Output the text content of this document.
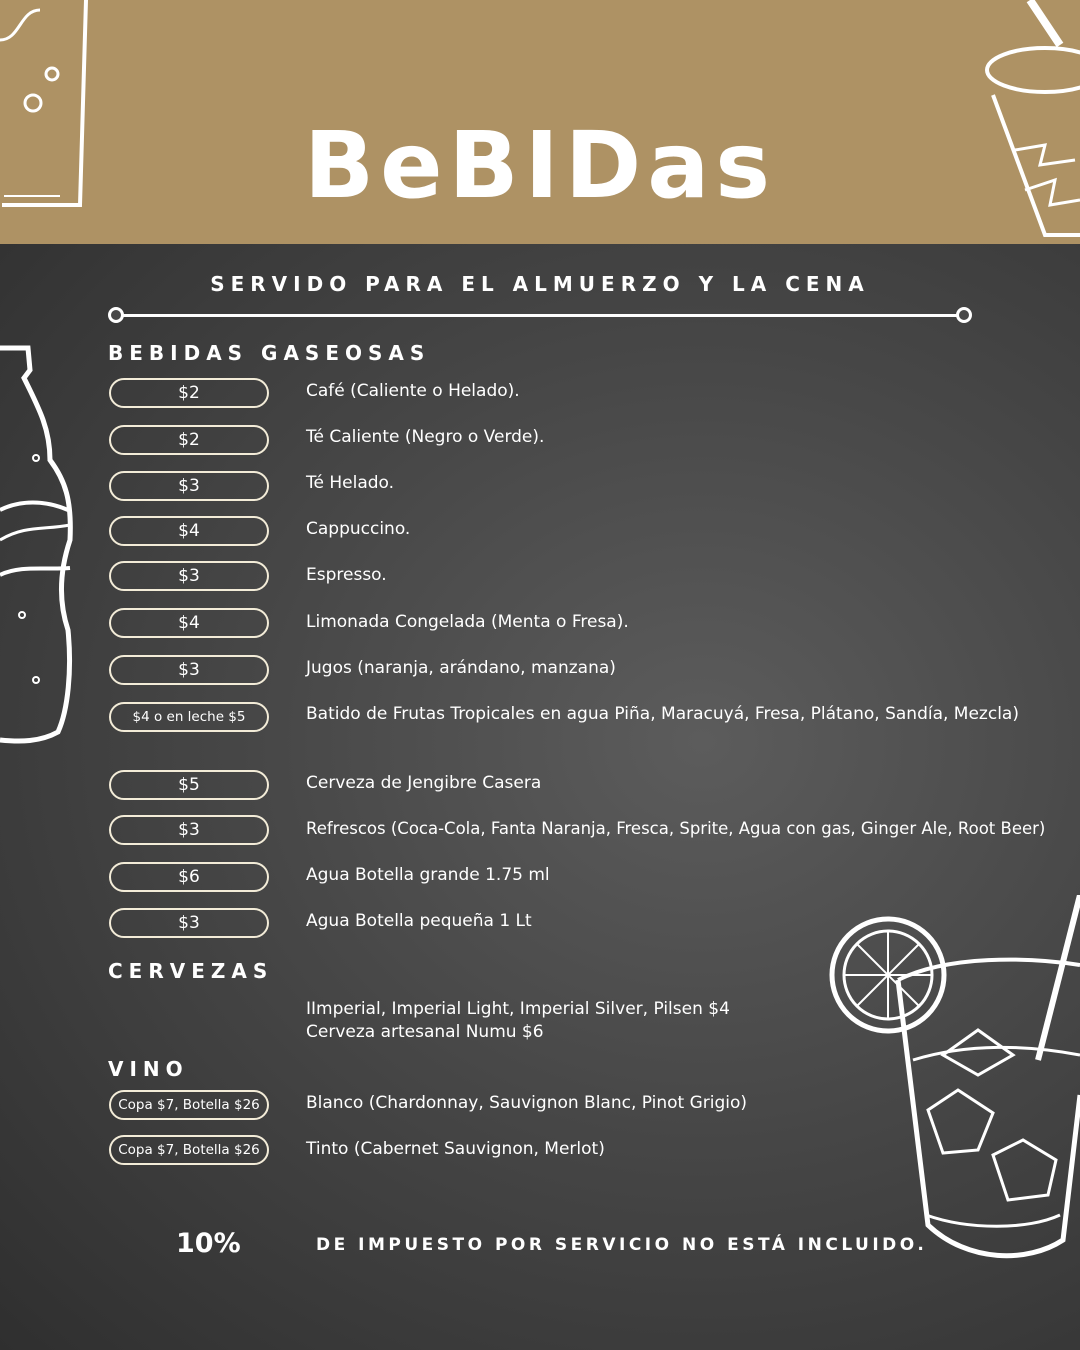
BeBIDas
SERVIDO PARA EL ALMUERZO Y LA CENA
BEBIDAS GASEOSAS
$2	Café (Caliente o Helado).
$2	Té Caliente (Negro o Verde).
$3	Té Helado.
$4	Cappuccino.
$3	Espresso.
$4	Limonada Congelada (Menta o Fresa).
$3	Jugos (naranja, arándano, manzana)
$4 o en leche $5	Batido de Frutas Tropicales en agua Piña, Maracuyá, Fresa, Plátano, Sandía, Mezcla)
$5	Cerveza de Jengibre Casera
$3	Refrescos (Coca-Cola, Fanta Naranja, Fresca, Sprite, Agua con gas, Ginger Ale, Root Beer)
$6	Agua Botella grande 1.75 ml
$3	Agua Botella pequeña 1 Lt
CERVEZAS
IImperial, Imperial Light, Imperial Silver, Pilsen $4
Cerveza artesanal Numu $6
VINO
Copa $7, Botella $26	Blanco (Chardonnay, Sauvignon Blanc, Pinot Grigio)
Copa $7, Botella $26	Tinto (Cabernet Sauvignon, Merlot)
10%	DE IMPUESTO POR SERVICIO NO ESTÁ INCLUIDO.
